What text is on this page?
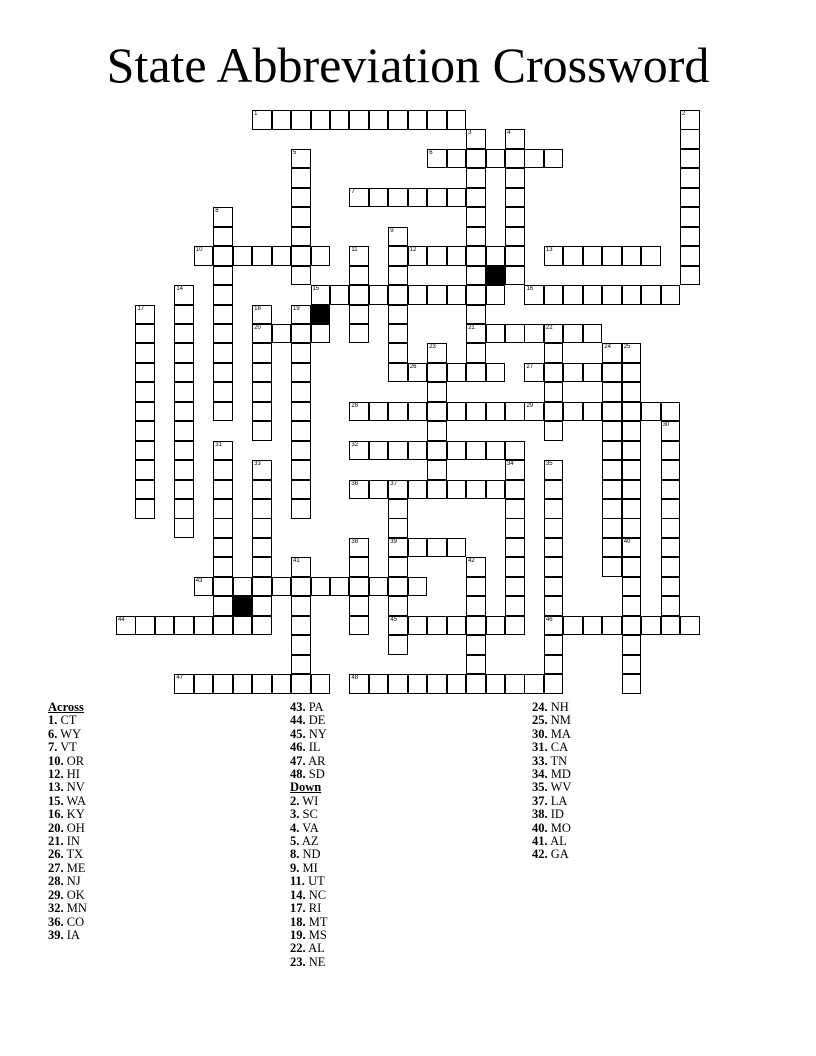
State Abbreviation Crossword
1	2
3
21
4
5	6
7
8
9
10	11	12	13
14	15	16
17	18
20
19
22
23	24 25
26	27
28	29
30
31	32
33	34	35
46
36	37
39
45
38	40
41	42
43
44
47	48
Across
1. CT
6. WY
7. VT
10. OR
12. HI
13. NV
15. WA
16. KY
20. OH
21. IN
26. TX
27. ME
28. NJ
29. OK
32. MN
36. CO
39. IA
43. PA
44. DE
45. NY
46. IL
47. AR
48. SD
Down
2. WI
3. SC
4. VA
5. AZ
8. ND
9. MI
11. UT
14. NC
17. RI
18. MT
19. MS
22. AL
23. NE
24. NH
25. NM
30. MA
31. CA
33. TN
34. MD
35. WV
37. LA
38. ID
40. MO
41. AL
42. GA
